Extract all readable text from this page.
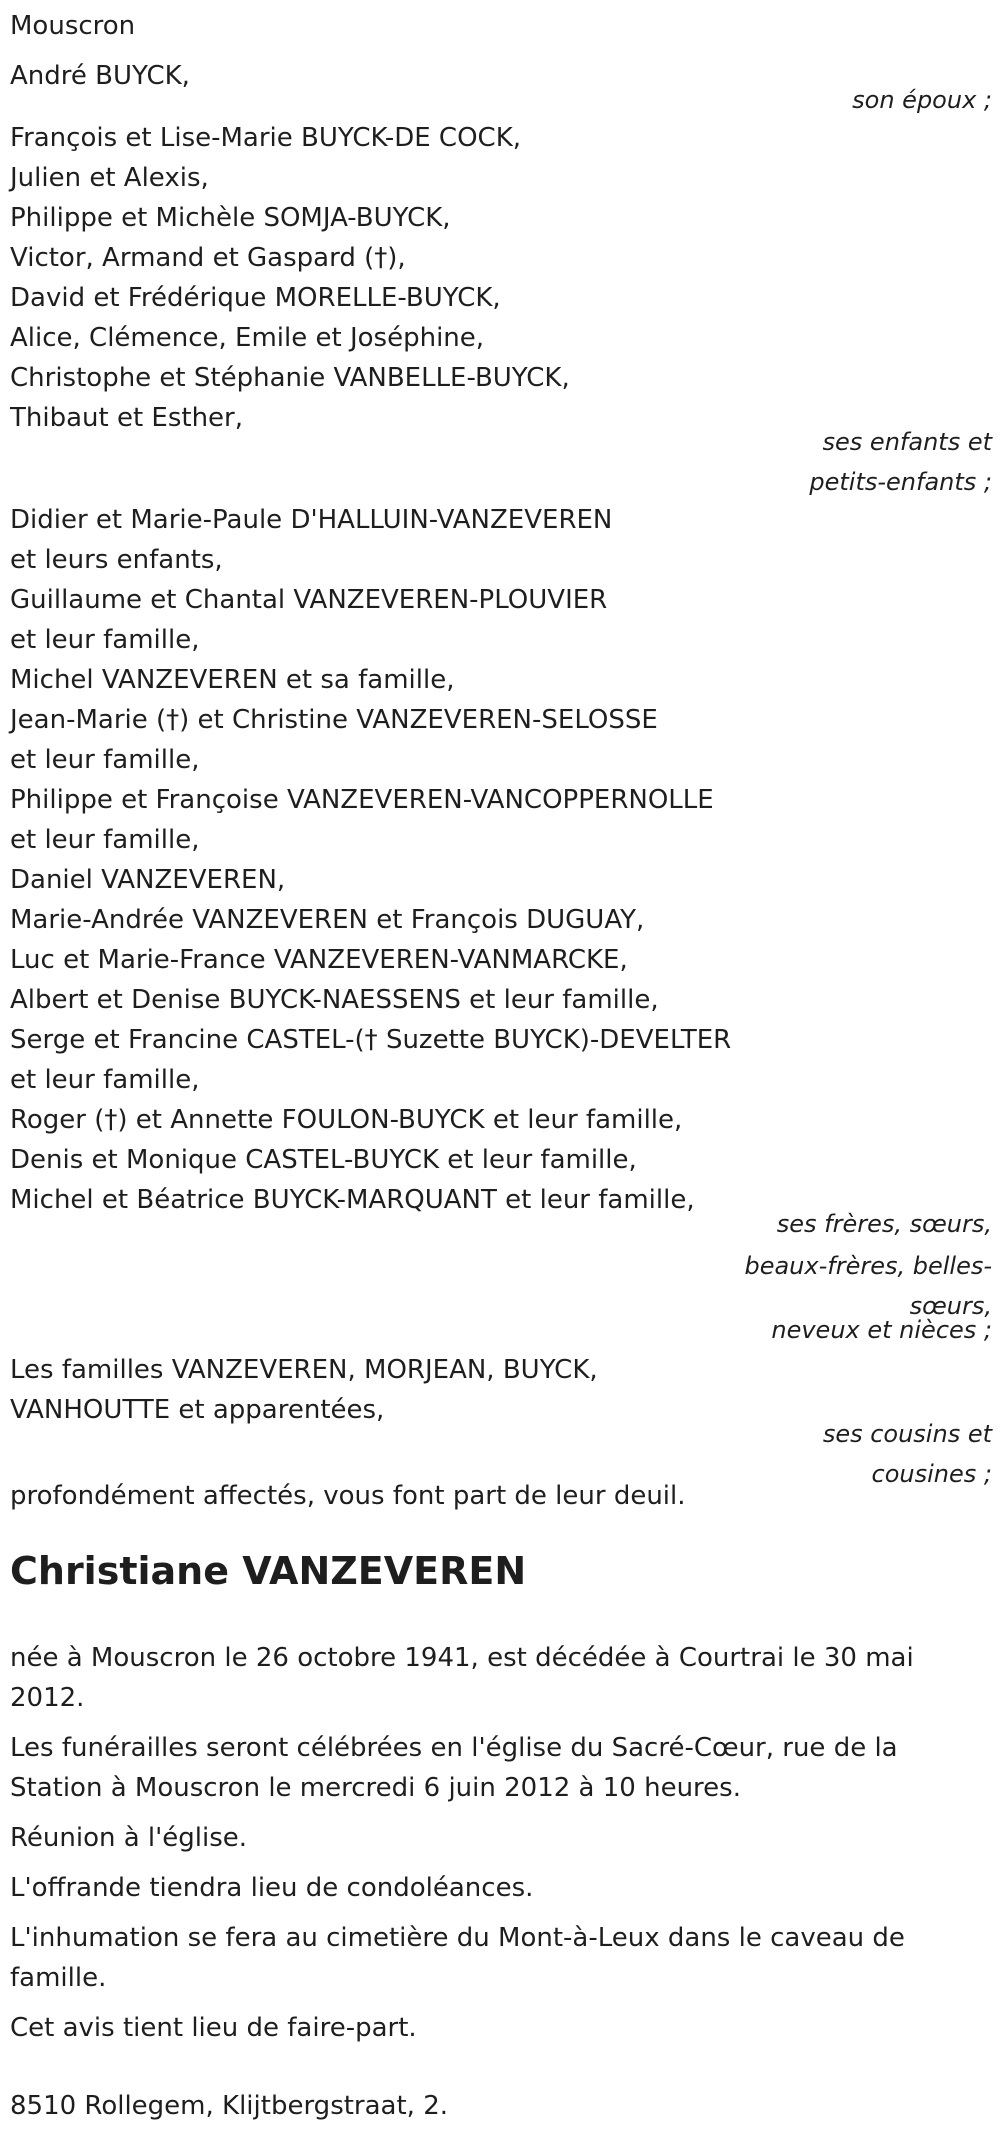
Mouscron

André BUYCK,

son époux ;

François et Lise-Marie BUYCK-DE COCK,

Julien et Alexis,

Philippe et Michèle SOMJA-BUYCK,

Victor, Armand et Gaspard (†),

David et Frédérique MORELLE-BUYCK,

Alice, Clémence, Emile et Joséphine,

Christophe et Stéphanie VANBELLE-BUYCK,

Thibaut et Esther,

ses enfants et

petits-enfants ;

Didier et Marie-Paule D'HALLUIN-VANZEVEREN

et leurs enfants,

Guillaume et Chantal VANZEVEREN-PLOUVIER

et leur famille,

Michel VANZEVEREN et sa famille,

Jean-Marie (†) et Christine VANZEVEREN-SELOSSE

et leur famille,

Philippe et Françoise VANZEVEREN-VANCOPPERNOLLE

et leur famille,

Daniel VANZEVEREN,

Marie-Andrée VANZEVEREN et François DUGUAY,

Luc et Marie-France VANZEVEREN-VANMARCKE,

Albert et Denise BUYCK-NAESSENS et leur famille,

Serge et Francine CASTEL-(† Suzette BUYCK)-DEVELTER

et leur famille,

Roger (†) et Annette FOULON-BUYCK et leur famille,

Denis et Monique CASTEL-BUYCK et leur famille,

Michel et Béatrice BUYCK-MARQUANT et leur famille,

ses frères, sœurs,

beaux-frères, belles-

sœurs,

neveux et nièces ;

Les familles VANZEVEREN, MORJEAN, BUYCK,

VANHOUTTE et apparentées,

ses cousins et

cousines ;

profondément affectés, vous font part de leur deuil.

Christiane VANZEVEREN

née à Mouscron le 26 octobre 1941, est décédée à Courtrai le 30 mai

2012.

Les funérailles seront célébrées en l'église du Sacré-Cœur, rue de la

Station à Mouscron le mercredi 6 juin 2012 à 10 heures.

Réunion à l'église.

L'offrande tiendra lieu de condoléances.

L'inhumation se fera au cimetière du Mont-à-Leux dans le caveau de

famille.

Cet avis tient lieu de faire-part.

8510 Rollegem, Klijtbergstraat, 2.
